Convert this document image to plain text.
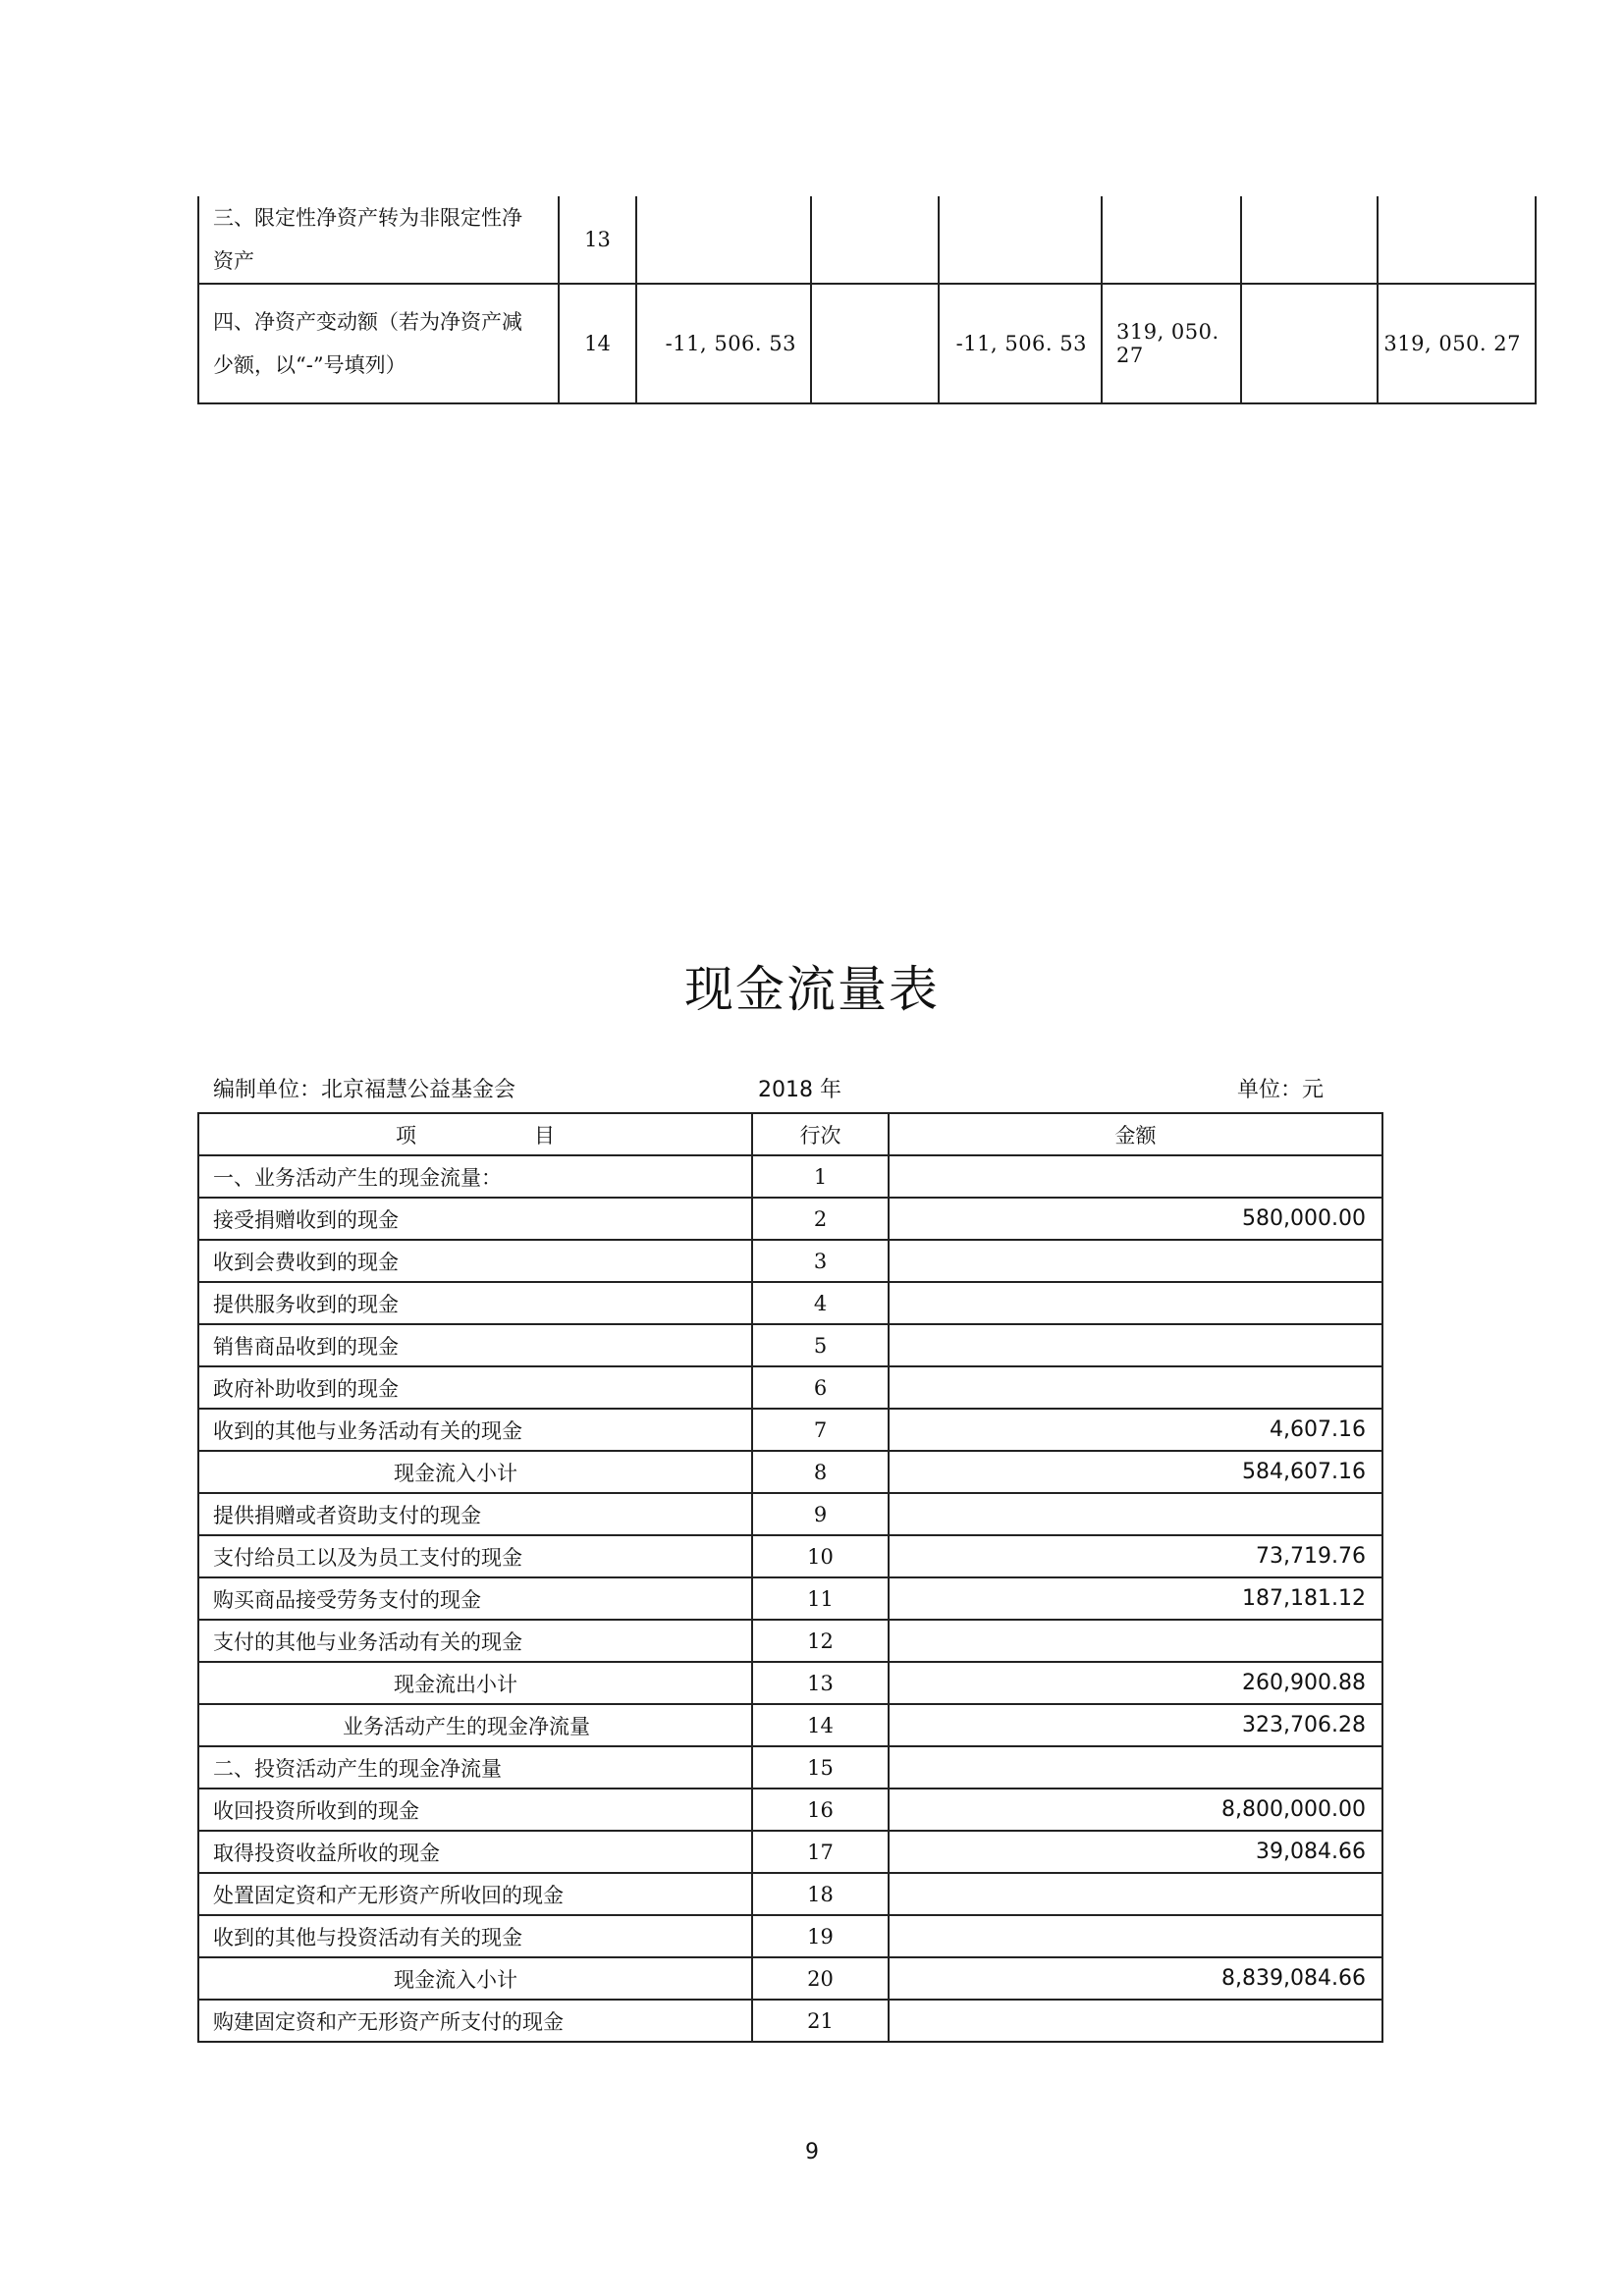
三、限定性净资产转为非限定性净
资产	13						

四、净资产变动额（若为净资产减
少额，以“-”号填列）	14	-11, 506. 53		-11, 506. 53	319, 050. 27		319, 050. 27
现金流量表
编制单位：北京福慧公益基金会	2018 年	单位：元
项 目	行次	金额
一、业务活动产生的现金流量：	1	
接受捐赠收到的现金	2	580,000.00
收到会费收到的现金	3	
提供服务收到的现金	4	
销售商品收到的现金	5	
政府补助收到的现金	6	
收到的其他与业务活动有关的现金	7	4,607.16
现金流入小计	8	584,607.16
提供捐赠或者资助支付的现金	9	
支付给员工以及为员工支付的现金	10	73,719.76
购买商品接受劳务支付的现金	11	187,181.12
支付的其他与业务活动有关的现金	12	
现金流出小计	13	260,900.88
业务活动产生的现金净流量	14	323,706.28
二、投资活动产生的现金净流量	15	
收回投资所收到的现金	16	8,800,000.00
取得投资收益所收的现金	17	39,084.66
处置固定资和产无形资产所收回的现金	18	
收到的其他与投资活动有关的现金	19	
现金流入小计	20	8,839,084.66
购建固定资和产无形资产所支付的现金	21	
9
